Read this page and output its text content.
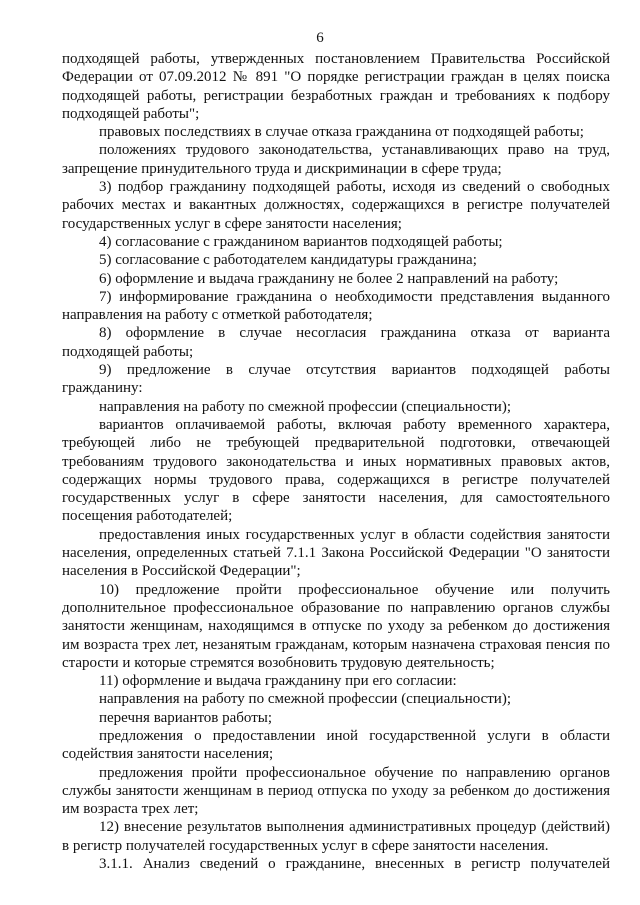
6
подходящей работы, утвержденных постановлением Правительства Российской
Федерации от 07.09.2012 № 891 "О порядке регистрации граждан в целях поиска
подходящей работы, регистрации безработных граждан и требованиях к подбору
подходящей работы";
правовых последствиях в случае отказа гражданина от подходящей работы;
положениях трудового законодательства, устанавливающих право на труд,
запрещение принудительного труда и дискриминации в сфере труда;
3) подбор гражданину подходящей работы, исходя из сведений о свободных
рабочих местах и вакантных должностях, содержащихся в регистре получателей
государственных услуг в сфере занятости населения;
4) согласование с гражданином вариантов подходящей работы;
5) согласование с работодателем кандидатуры гражданина;
6) оформление и выдача гражданину не более 2 направлений на работу;
7) информирование гражданина о необходимости представления выданного
направления на работу с отметкой работодателя;
8) оформление в случае несогласия гражданина отказа от варианта
подходящей работы;
9) предложение в случае отсутствия вариантов подходящей работы
гражданину:
направления на работу по смежной профессии (специальности);
вариантов оплачиваемой работы, включая работу временного характера,
требующей либо не требующей предварительной подготовки, отвечающей
требованиям трудового законодательства и иных нормативных правовых актов,
содержащих нормы трудового права, содержащихся в регистре получателей
государственных услуг в сфере занятости населения, для самостоятельного
посещения работодателей;
предоставления иных государственных услуг в области содействия занятости
населения, определенных статьей 7.1.1 Закона Российской Федерации "О занятости
населения в Российской Федерации";
10) предложение пройти профессиональное обучение или получить
дополнительное профессиональное образование по направлению органов службы
занятости женщинам, находящимся в отпуске по уходу за ребенком до достижения
им возраста трех лет, незанятым гражданам, которым назначена страховая пенсия по
старости и которые стремятся возобновить трудовую деятельность;
11) оформление и выдача гражданину при его согласии:
направления на работу по смежной профессии (специальности);
перечня вариантов работы;
предложения о предоставлении иной государственной услуги в области
содействия занятости населения;
предложения пройти профессиональное обучение по направлению органов
службы занятости женщинам в период отпуска по уходу за ребенком до достижения
им возраста трех лет;
12) внесение результатов выполнения административных процедур (действий)
в регистр получателей государственных услуг в сфере занятости населения.
3.1.1. Анализ сведений о гражданине, внесенных в регистр получателей
